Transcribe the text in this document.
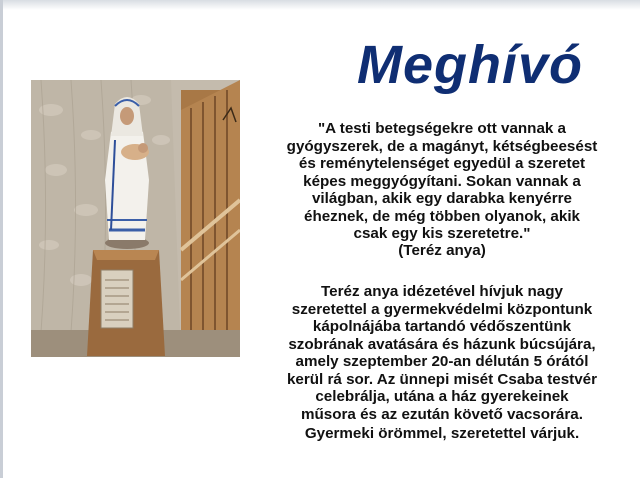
Meghívó
"A testi betegségekre ott vannak a
gyógyszerek, de a magányt, kétségbeesést
és reménytelenséget egyedül a szeretet
képes meggyógyítani. Sokan vannak a
világban, akik egy darabka kenyérre
éheznek, de még többen olyanok, akik
csak egy kis szeretetre."
(Teréz anya)
Teréz anya idézetével hívjuk nagy
szeretettel a gyermekvédelmi központunk
kápolnájába tartandó védőszentünk
szobrának avatására és házunk búcsújára,
amely szeptember 20-an délután 5 órától
kerül rá sor. Az ünnepi misét Csaba testvér
celebrálja, utána a ház gyerekeinek
műsora és az ezután követő vacsorára.
Gyermeki örömmel, szeretettel várjuk.
